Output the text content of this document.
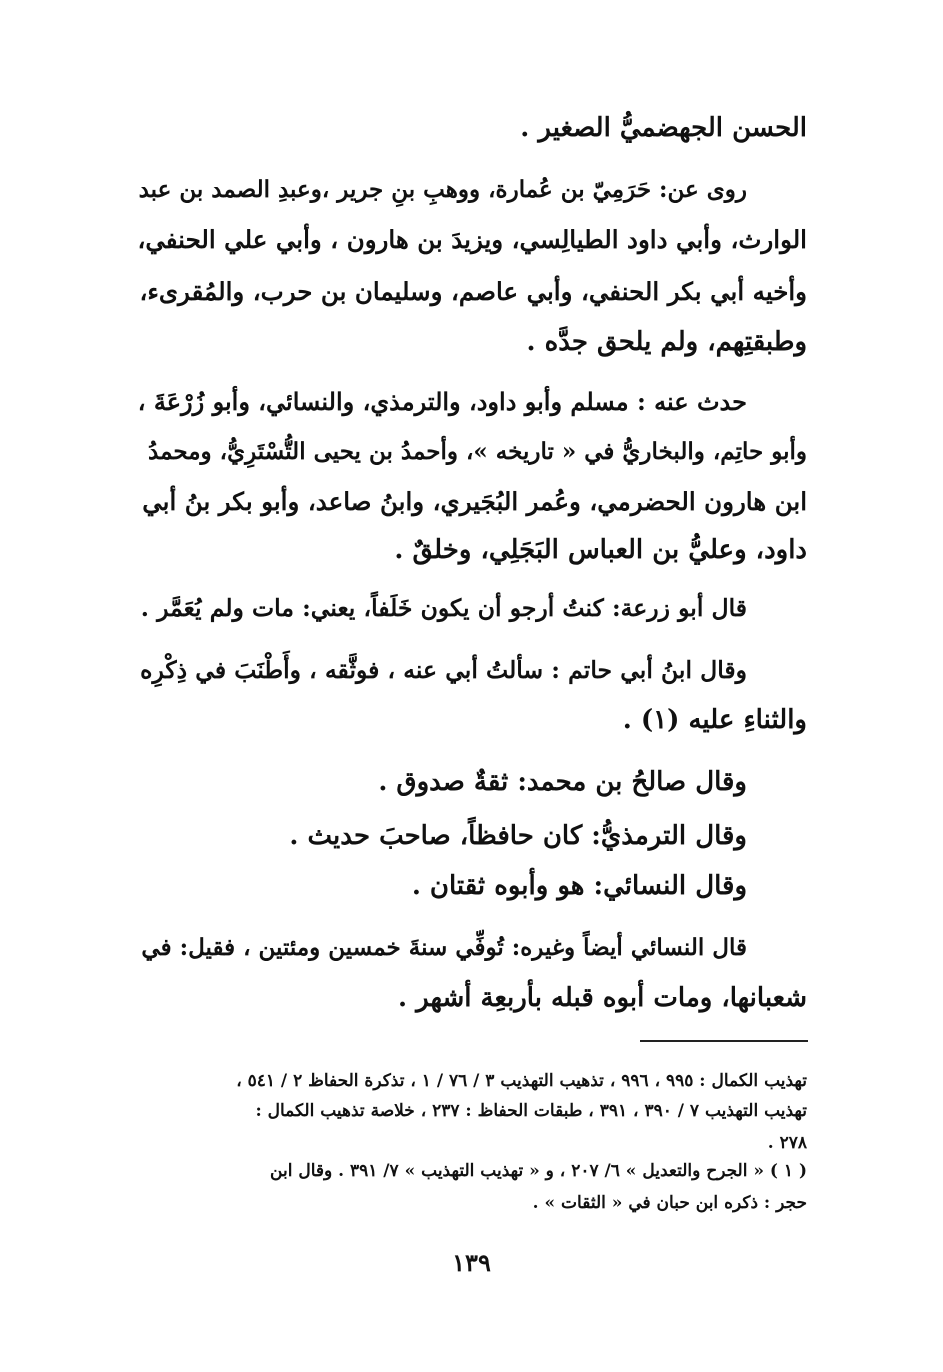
الحسن الجهضميُّ الصغير .
روى عن: حَرَمِيّ بن عُمارة، ووهبِ بنِ جرير ،وعبدِ الصمد بن عبد
الوارث، وأبي داود الطيالِسي، ويزيدَ بن هارون ، وأبي علي الحنفي،
وأخيه أبي بكر الحنفي، وأبي عاصم، وسليمان بن حرب، والمُقرىء،
وطبقتِهم، ولم يلحق جدَّه .
حدث عنه : مسلم وأبو داود، والترمذي، والنسائي، وأبو زُرْعَةَ ،
وأبو حاتِم، والبخاريُّ في « تاريخه »، وأحمدُ بن يحيى التُّسْتَرِيُّ، ومحمدُ
ابن هارون الحضرمي، وعُمر البُجَيري، وابنُ صاعد، وأبو بكر بنُ أبي
داود، وعليُّ بن العباس البَجَلِي، وخلقٌ .
قال أبو زرعة: كنتُ أرجو أن يكون خَلَفاً، يعني: مات ولم يُعَمَّر .
وقال ابنُ أبي حاتم : سألتُ أبي عنه ، فوثَّقه ، وأَطْنَبَ في ذِكْرِه
والثناءِ عليه (١) .
وقال صالحُ بن محمد: ثقةٌ صدوق .
وقال الترمذيُّ: كان حافظاً، صاحبَ حديث .
وقال النسائي: هو وأبوه ثقتان .
قال النسائي أيضاً وغيره: تُوفِّي سنةَ خمسين ومئتين ، فقيل: في
شعبانها، ومات أبوه قبله بأربعِة أشهر .
تهذيب الكمال : ٩٩٥ ، ٩٩٦ ، تذهيب التهذيب ٣ / ٧٦ / ١ ، تذكرة الحفاظ ٢ / ٥٤١ ،
تهذيب التهذيب ٧ / ٣٩٠ ، ٣٩١ ، طبقات الحفاظ : ٢٣٧ ، خلاصة تذهيب الكمال :
٢٧٨ .
( ١ ) « الجرح والتعديل » ٦/ ٢٠٧ ، و « تهذيب التهذيب » ٧/ ٣٩١ . وقال ابن
حجر : ذكره ابن حبان في « الثقات » .
١٣٩
